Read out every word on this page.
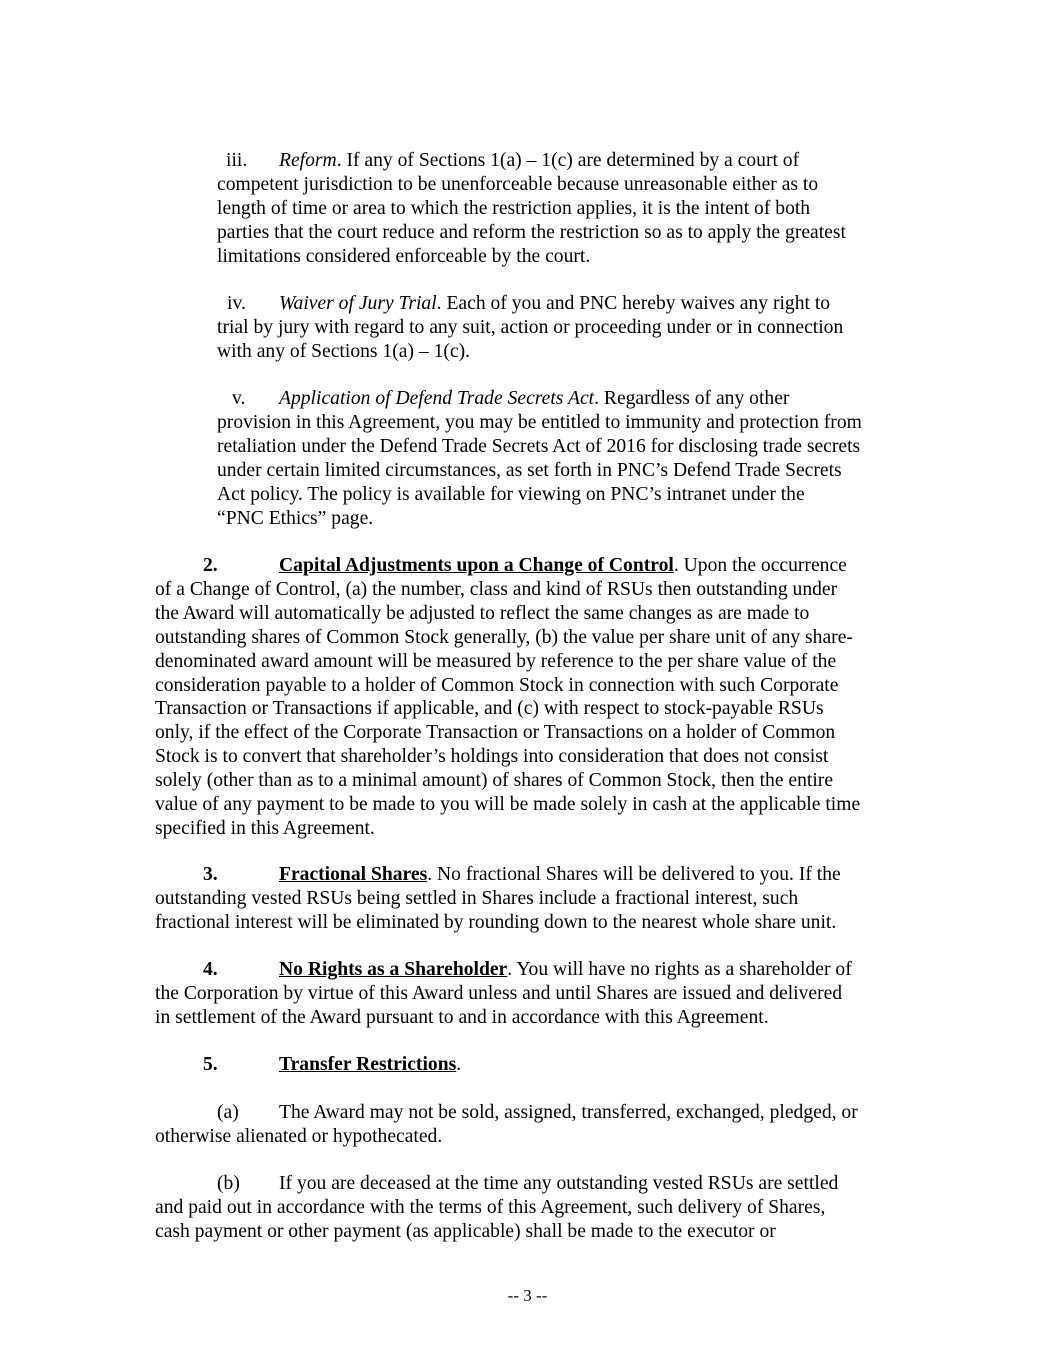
iii. Reform. If any of Sections 1(a) – 1(c) are determined by a court of
competent jurisdiction to be unenforceable because unreasonable either as to
length of time or area to which the restriction applies, it is the intent of both
parties that the court reduce and reform the restriction so as to apply the greatest
limitations considered enforceable by the court.
iv. Waiver of Jury Trial. Each of you and PNC hereby waives any right to
trial by jury with regard to any suit, action or proceeding under or in connection
with any of Sections 1(a) – 1(c).
v. Application of Defend Trade Secrets Act. Regardless of any other
provision in this Agreement, you may be entitled to immunity and protection from
retaliation under the Defend Trade Secrets Act of 2016 for disclosing trade secrets
under certain limited circumstances, as set forth in PNC’s Defend Trade Secrets
Act policy. The policy is available for viewing on PNC’s intranet under the
“PNC Ethics” page.
2.	Capital Adjustments upon a Change of Control. Upon the occurrence
of a Change of Control, (a) the number, class and kind of RSUs then outstanding under
the Award will automatically be adjusted to reflect the same changes as are made to
outstanding shares of Common Stock generally, (b) the value per share unit of any share-
denominated award amount will be measured by reference to the per share value of the
consideration payable to a holder of Common Stock in connection with such Corporate
Transaction or Transactions if applicable, and (c) with respect to stock-payable RSUs
only, if the effect of the Corporate Transaction or Transactions on a holder of Common
Stock is to convert that shareholder’s holdings into consideration that does not consist
solely (other than as to a minimal amount) of shares of Common Stock, then the entire
value of any payment to be made to you will be made solely in cash at the applicable time
specified in this Agreement.
3.	Fractional Shares. No fractional Shares will be delivered to you. If the
outstanding vested RSUs being settled in Shares include a fractional interest, such
fractional interest will be eliminated by rounding down to the nearest whole share unit.
4.	No Rights as a Shareholder. You will have no rights as a shareholder of
the Corporation by virtue of this Award unless and until Shares are issued and delivered
in settlement of the Award pursuant to and in accordance with this Agreement.
5.	Transfer Restrictions.
(a) The Award may not be sold, assigned, transferred, exchanged, pledged, or
otherwise alienated or hypothecated.
(b) If you are deceased at the time any outstanding vested RSUs are settled
and paid out in accordance with the terms of this Agreement, such delivery of Shares,
cash payment or other payment (as applicable) shall be made to the executor or
-- 3 --
